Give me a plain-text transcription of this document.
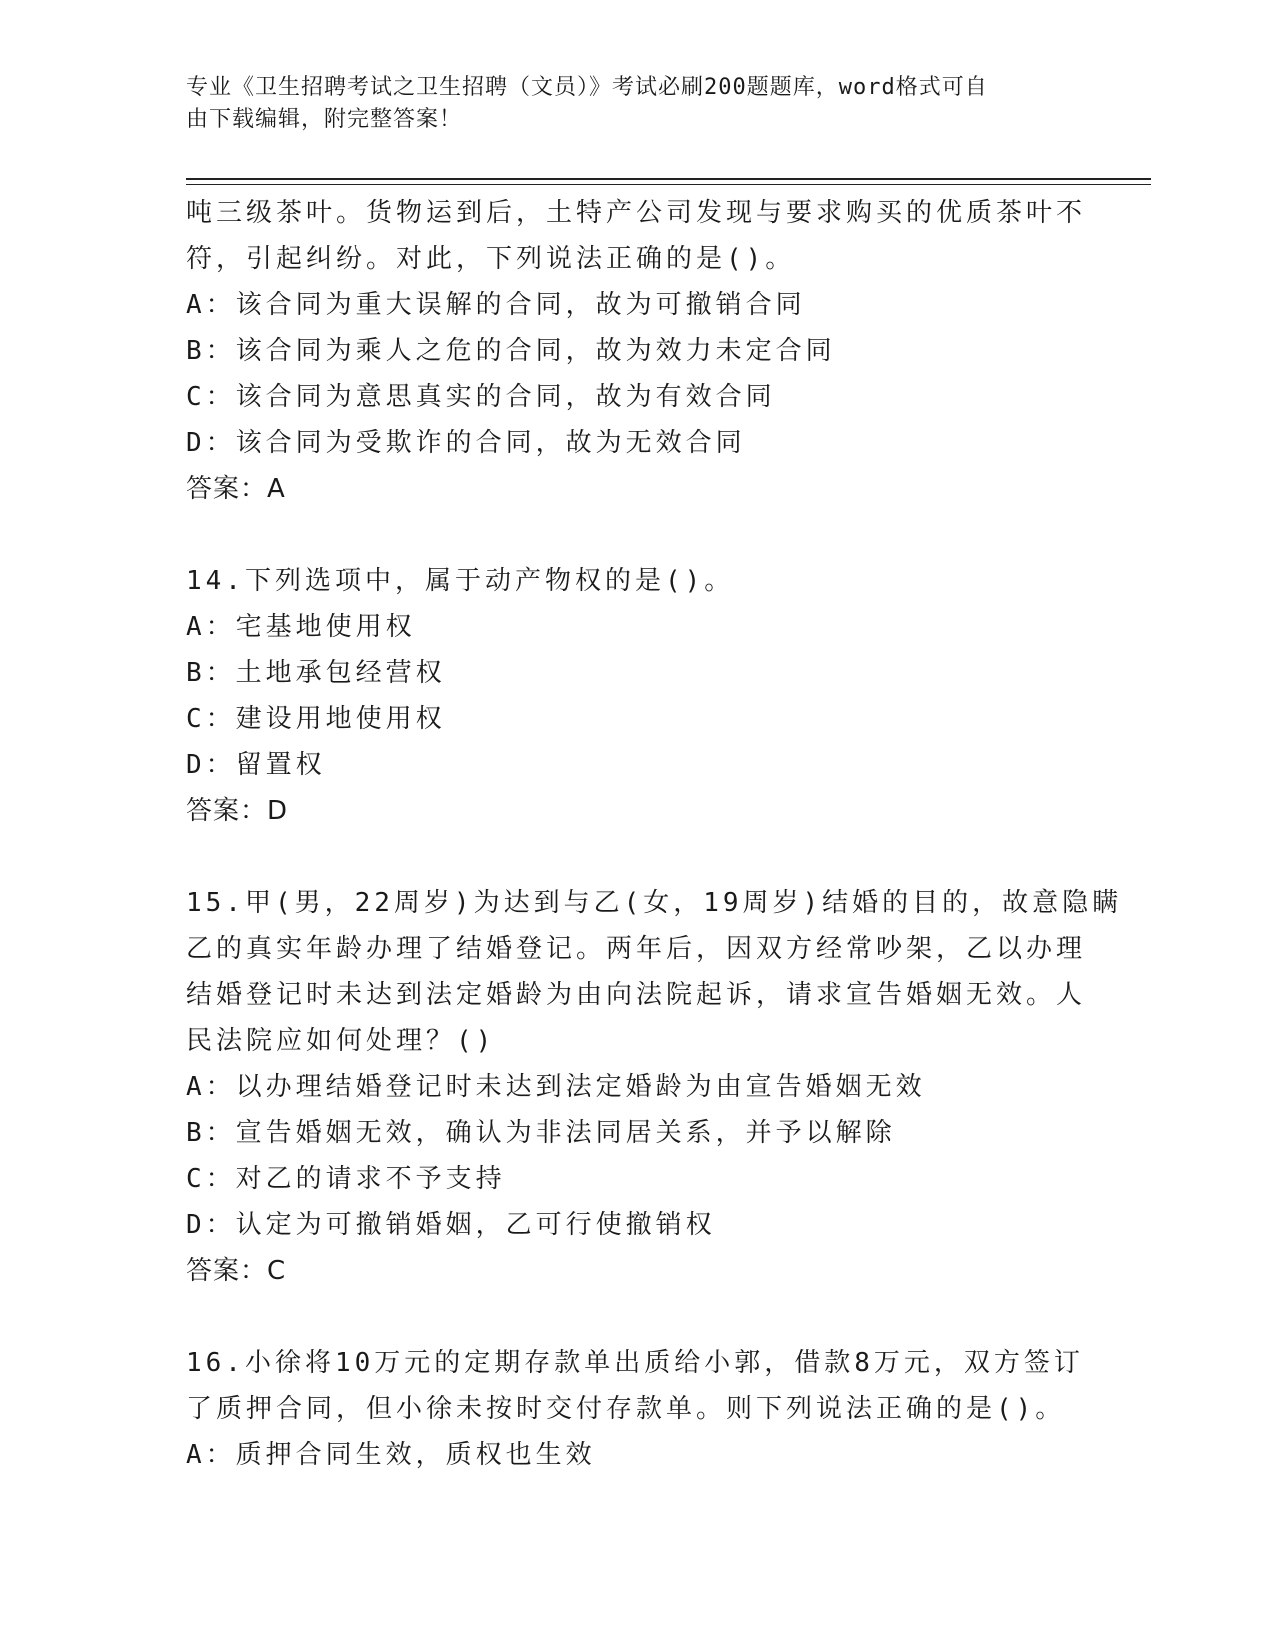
专业《卫生招聘考试之卫生招聘（文员）》考试必刷200题题库，word格式可自
由下载编辑，附完整答案！
吨三级茶叶。货物运到后，土特产公司发现与要求购买的优质茶叶不
符，引起纠纷。对此，下列说法正确的是()。
A：该合同为重大误解的合同，故为可撤销合同
B：该合同为乘人之危的合同，故为效力未定合同
C：该合同为意思真实的合同，故为有效合同
D：该合同为受欺诈的合同，故为无效合同
答案：A
14.下列选项中，属于动产物权的是()。
A：宅基地使用权
B：土地承包经营权
C：建设用地使用权
D：留置权
答案：D
15.甲(男，22周岁)为达到与乙(女，19周岁)结婚的目的，故意隐瞒
乙的真实年龄办理了结婚登记。两年后，因双方经常吵架，乙以办理
结婚登记时未达到法定婚龄为由向法院起诉，请求宣告婚姻无效。人
民法院应如何处理？()
A：以办理结婚登记时未达到法定婚龄为由宣告婚姻无效
B：宣告婚姻无效，确认为非法同居关系，并予以解除
C：对乙的请求不予支持
D：认定为可撤销婚姻，乙可行使撤销权
答案：C
16.小徐将10万元的定期存款单出质给小郭，借款8万元，双方签订
了质押合同，但小徐未按时交付存款单。则下列说法正确的是()。
A：质押合同生效，质权也生效
